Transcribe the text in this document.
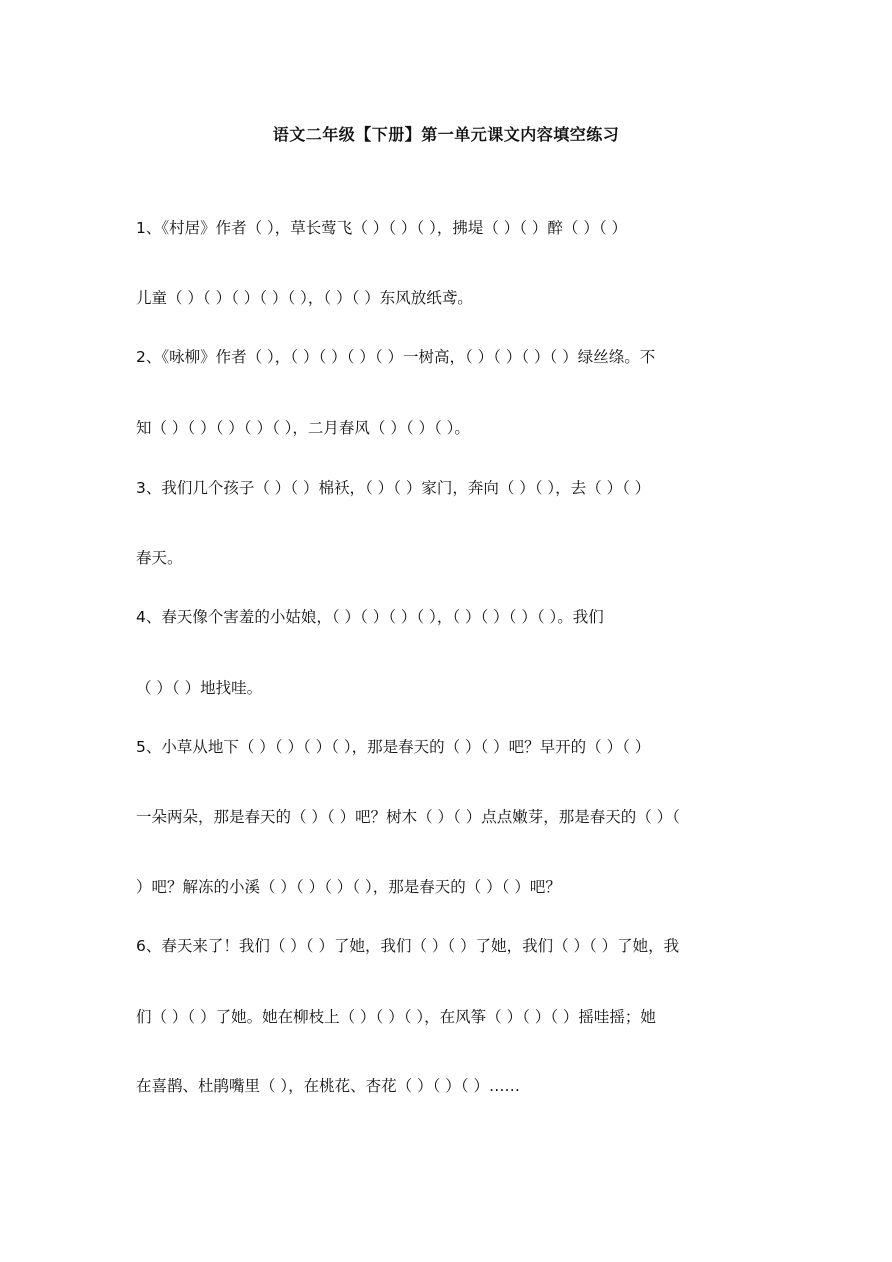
语文二年级【下册】第一单元课文内容填空练习
1、《村居》作者（ ），草长莺飞（ ）（ ）（ ），拂堤（ ）（ ）醉（ ）（ ）
儿童（ ）（ ）（ ）（ ）（ ），（ ）（ ）东风放纸鸢。
2、《咏柳》作者（ ），（ ）（ ）（ ）（ ）一树高，（ ）（ ）（ ）（ ）绿丝绦。不
知（ ）（ ）（ ）（ ）（ ），二月春风（ ）（ ）（ ）。
3、我们几个孩子（ ）（ ）棉袄，（ ）（ ）家门，奔向（ ）（ ），去（ ）（ ）
春天。
4、春天像个害羞的小姑娘，（ ）（ ）（ ）（ ），（ ）（ ）（ ）（ ）。我们
（ ）（ ）地找哇。
5、小草从地下（ ）（ ）（ ）（ ），那是春天的（ ）（ ）吧？早开的（ ）（ ）
一朵两朵，那是春天的（ ）（ ）吧？树木（ ）（ ）点点嫩芽，那是春天的（ ）（
）吧？解冻的小溪（ ）（ ）（ ）（ ），那是春天的（ ）（ ）吧？
6、春天来了！我们（ ）（ ）了她，我们（ ）（ ）了她，我们（ ）（ ）了她，我
们（ ）（ ）了她。她在柳枝上（ ）（ ）（ ），在风筝（ ）（ ）（ ）摇哇摇；她
在喜鹊、杜鹃嘴里（ ），在桃花、杏花（ ）（ ）（ ）……
